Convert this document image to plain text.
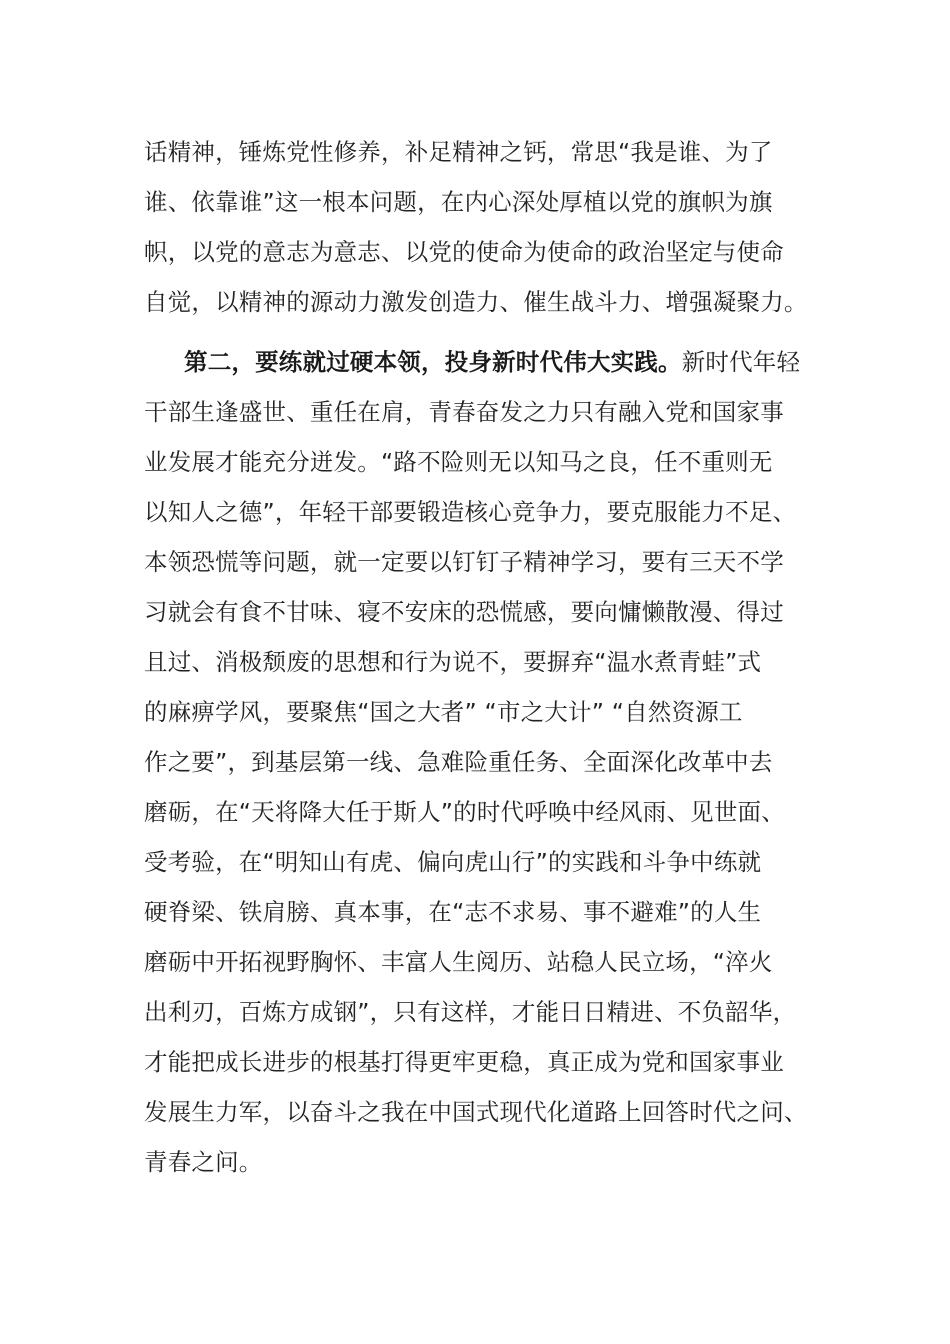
话精神，锤炼党性修养，补足精神之钙，常思“我是谁、为了
谁、依靠谁”这一根本问题，在内心深处厚植以党的旗帜为旗
帜，以党的意志为意志、以党的使命为使命的政治坚定与使命
自觉，以精神的源动力激发创造力、催生战斗力、增强凝聚力。
第二，要练就过硬本领，投身新时代伟大实践。新时代年轻
干部生逢盛世、重任在肩，青春奋发之力只有融入党和国家事
业发展才能充分迸发。“路不险则无以知马之良，任不重则无
以知人之德”，年轻干部要锻造核心竞争力，要克服能力不足、
本领恐慌等问题，就一定要以钉钉子精神学习，要有三天不学
习就会有食不甘味、寝不安床的恐慌感，要向慵懒散漫、得过
且过、消极颓废的思想和行为说不，要摒弃“温水煮青蛙”式
的麻痹学风，要聚焦“国之大者” “市之大计” “自然资源工
作之要”，到基层第一线、急难险重任务、全面深化改革中去
磨砺，在“天将降大任于斯人”的时代呼唤中经风雨、见世面、
受考验，在“明知山有虎、偏向虎山行”的实践和斗争中练就
硬脊梁、铁肩膀、真本事，在“志不求易、事不避难”的人生
磨砺中开拓视野胸怀、丰富人生阅历、站稳人民立场，“淬火
出利刃，百炼方成钢”，只有这样，才能日日精进、不负韶华，
才能把成长进步的根基打得更牢更稳，真正成为党和国家事业
发展生力军，以奋斗之我在中国式现代化道路上回答时代之问、
青春之问。
